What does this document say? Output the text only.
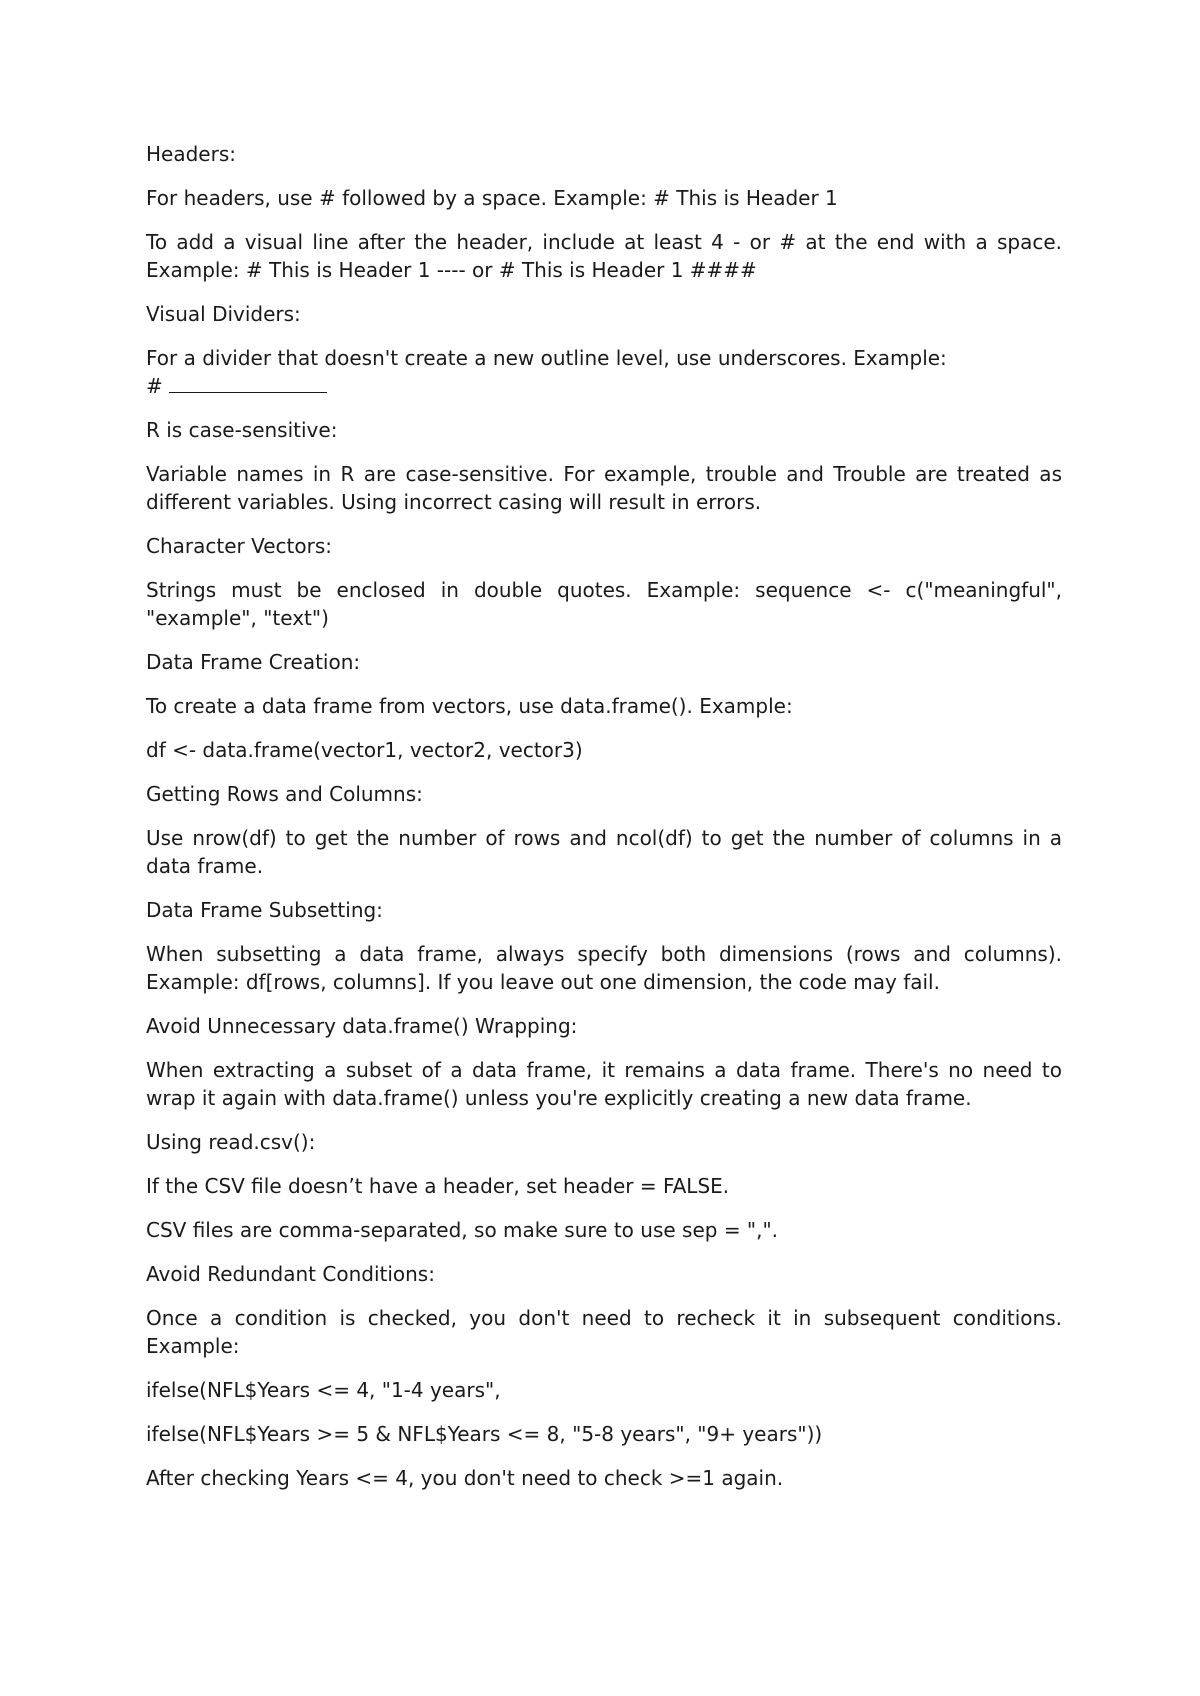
Headers:

For headers, use # followed by a space. Example: # This is Header 1

To add a visual line after the header, include at least 4 - or # at the end with a space. Example: # This is Header 1 ---- or # This is Header 1 ####

Visual Dividers:

For a divider that doesn't create a new outline level, use underscores. Example:
#

R is case-sensitive:

Variable names in R are case-sensitive. For example, trouble and Trouble are treated as different variables. Using incorrect casing will result in errors.

Character Vectors:

Strings must be enclosed in double quotes. Example: sequence <- c("meaningful", "example", "text")

Data Frame Creation:

To create a data frame from vectors, use data.frame(). Example:

df <- data.frame(vector1, vector2, vector3)

Getting Rows and Columns:

Use nrow(df) to get the number of rows and ncol(df) to get the number of columns in a data frame.

Data Frame Subsetting:

When subsetting a data frame, always specify both dimensions (rows and columns). Example: df[rows, columns]. If you leave out one dimension, the code may fail.

Avoid Unnecessary data.frame() Wrapping:

When extracting a subset of a data frame, it remains a data frame. There's no need to wrap it again with data.frame() unless you're explicitly creating a new data frame.

Using read.csv():

If the CSV file doesn’t have a header, set header = FALSE.

CSV files are comma-separated, so make sure to use sep = ",".

Avoid Redundant Conditions:

Once a condition is checked, you don't need to recheck it in subsequent conditions. Example:

ifelse(NFL$Years <= 4, "1-4 years",

ifelse(NFL$Years >= 5 & NFL$Years <= 8, "5-8 years", "9+ years"))

After checking Years <= 4, you don't need to check >=1 again.
